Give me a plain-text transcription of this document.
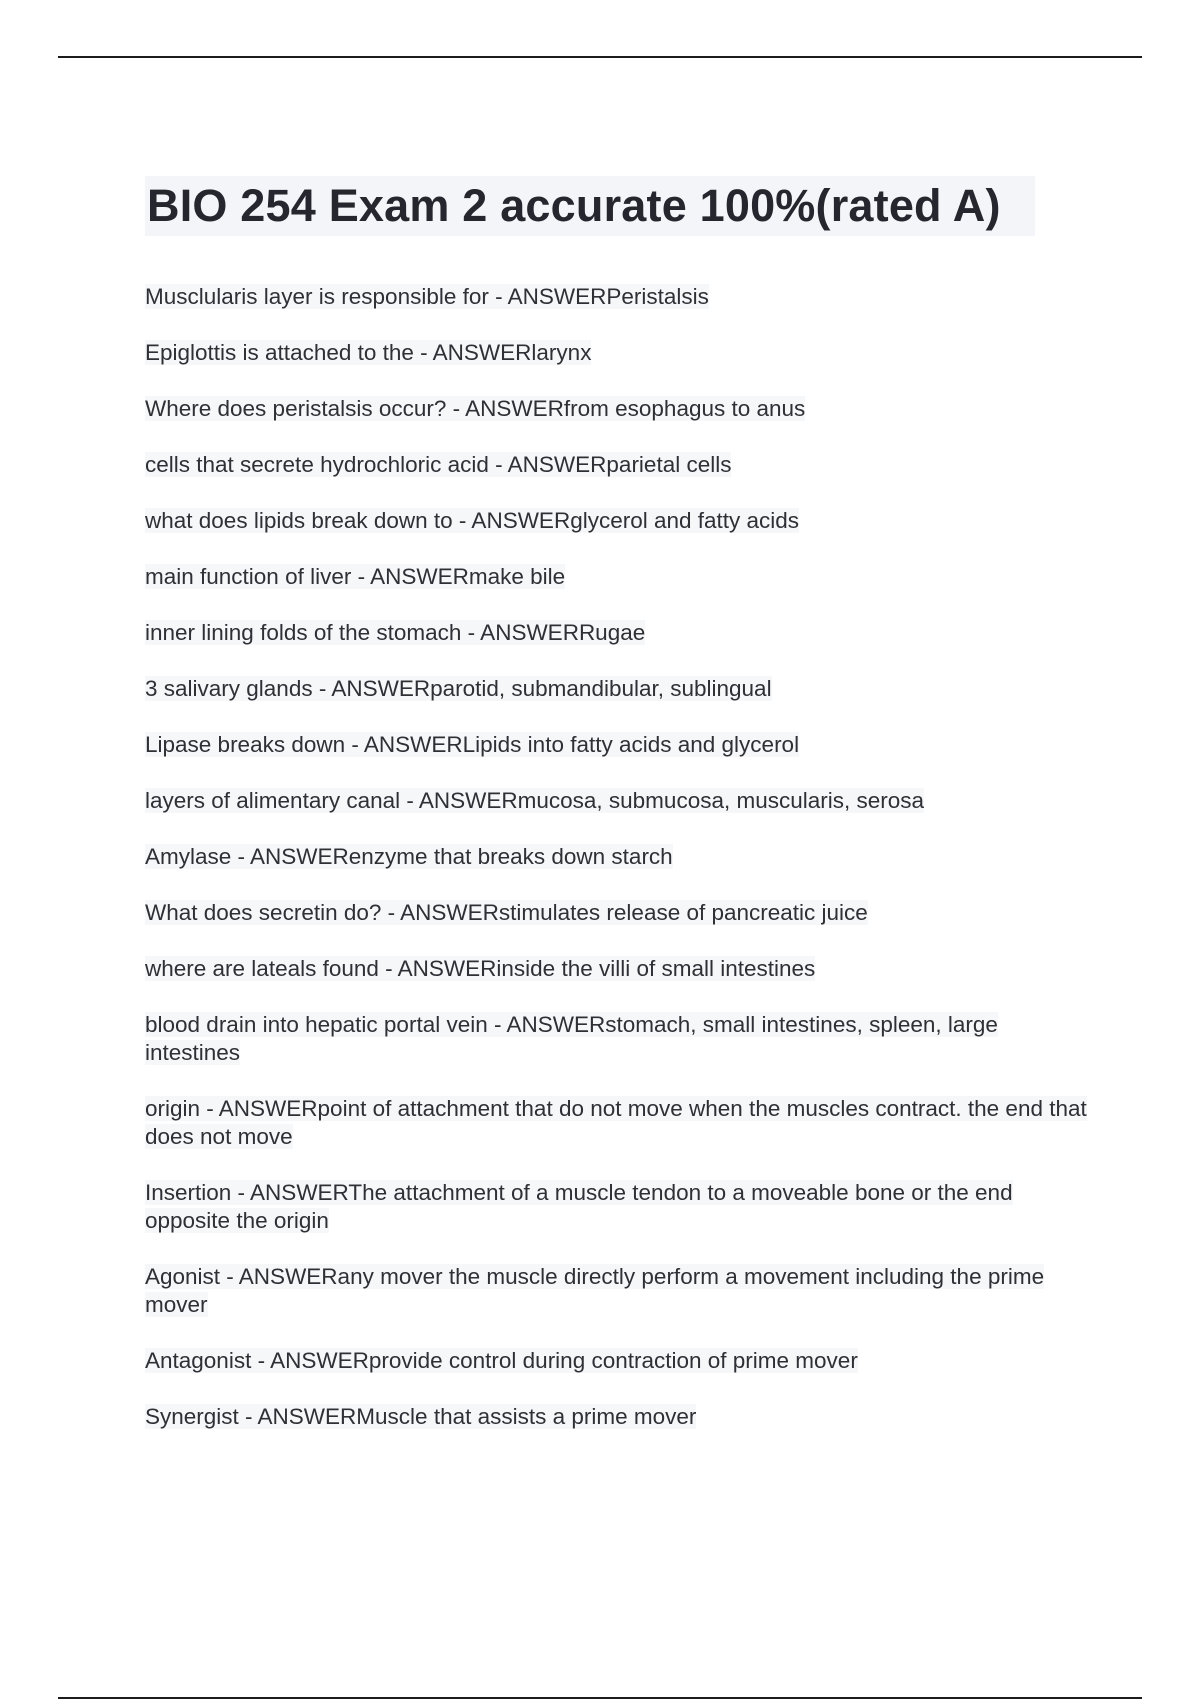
BIO 254 Exam 2 accurate 100%(rated A)
Musclularis layer is responsible for - ANSWERPeristalsis
Epiglottis is attached to the - ANSWERlarynx
Where does peristalsis occur? - ANSWERfrom esophagus to anus
cells that secrete hydrochloric acid - ANSWERparietal cells
what does lipids break down to - ANSWERglycerol and fatty acids
main function of liver - ANSWERmake bile
inner lining folds of the stomach - ANSWERRugae
3 salivary glands - ANSWERparotid, submandibular, sublingual
Lipase breaks down - ANSWERLipids into fatty acids and glycerol
layers of alimentary canal - ANSWERmucosa, submucosa, muscularis, serosa
Amylase - ANSWERenzyme that breaks down starch
What does secretin do? - ANSWERstimulates release of pancreatic juice
where are lateals found - ANSWERinside the villi of small intestines
blood drain into hepatic portal vein - ANSWERstomach, small intestines, spleen, large intestines
origin - ANSWERpoint of attachment that do not move when the muscles contract. the end that does not move
Insertion - ANSWERThe attachment of a muscle tendon to a moveable bone or the end opposite the origin
Agonist - ANSWERany mover the muscle directly perform a movement including the prime mover
Antagonist - ANSWERprovide control during contraction of prime mover
Synergist - ANSWERMuscle that assists a prime mover
